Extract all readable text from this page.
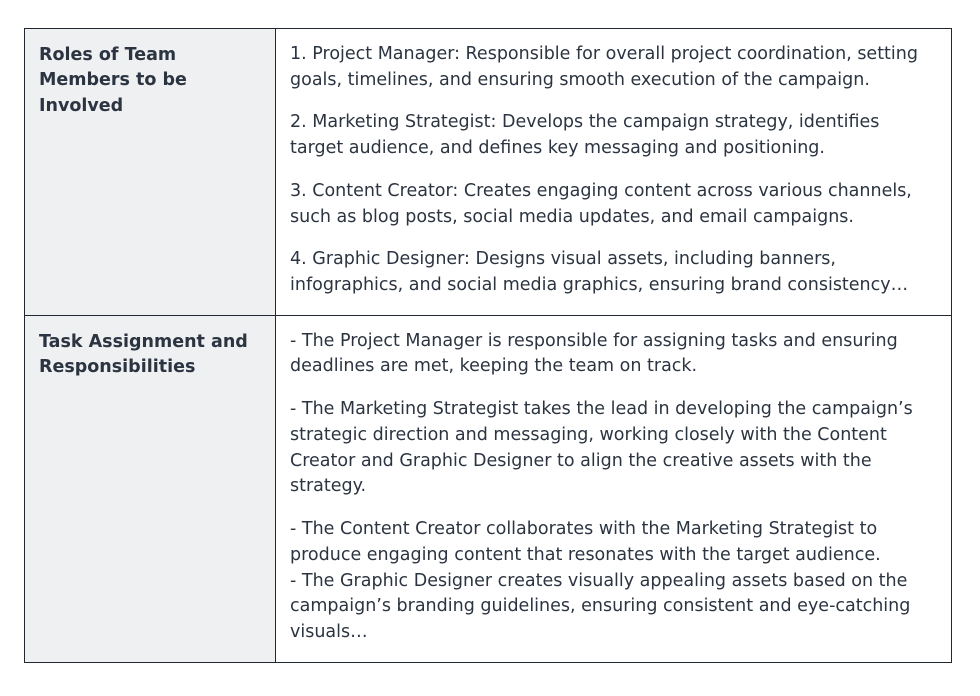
Roles of Team Members to be Involved	1. Project Manager: Responsible for overall project coordination, setting goals, timelines, and ensuring smooth execution of the campaign.

2. Marketing Strategist: Develops the campaign strategy, identifies target audience, and defines key messaging and positioning.

3. Content Creator: Creates engaging content across various channels, such as blog posts, social media updates, and email campaigns.

4. Graphic Designer: Designs visual assets, including banners, infographics, and social media graphics, ensuring brand consistency…

Task Assignment and Responsibilities	- The Project Manager is responsible for assigning tasks and ensuring deadlines are met, keeping the team on track.

- The Marketing Strategist takes the lead in developing the campaign’s strategic direction and messaging, working closely with the Content Creator and Graphic Designer to align the creative assets with the strategy.

- The Content Creator collaborates with the Marketing Strategist to produce engaging content that resonates with the target audience.

- The Graphic Designer creates visually appealing assets based on the campaign’s branding guidelines, ensuring consistent and eye-catching visuals…
